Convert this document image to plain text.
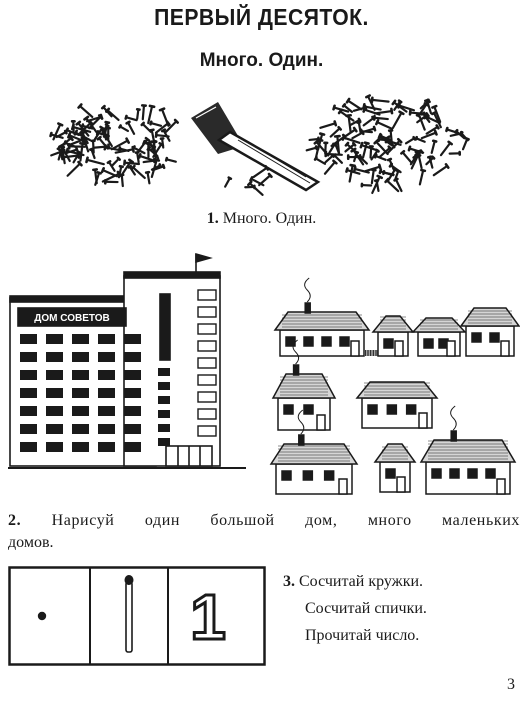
ПЕРВЫЙ ДЕСЯТОК.
Много. Один.
1. Много. Один.
ДОМ СОВЕТОВ
2. Нарисуй один большой дом, много маленьких
домов.
1	3. Сосчитай кружки.
Сосчитай спички.
Прочитай число.
3
